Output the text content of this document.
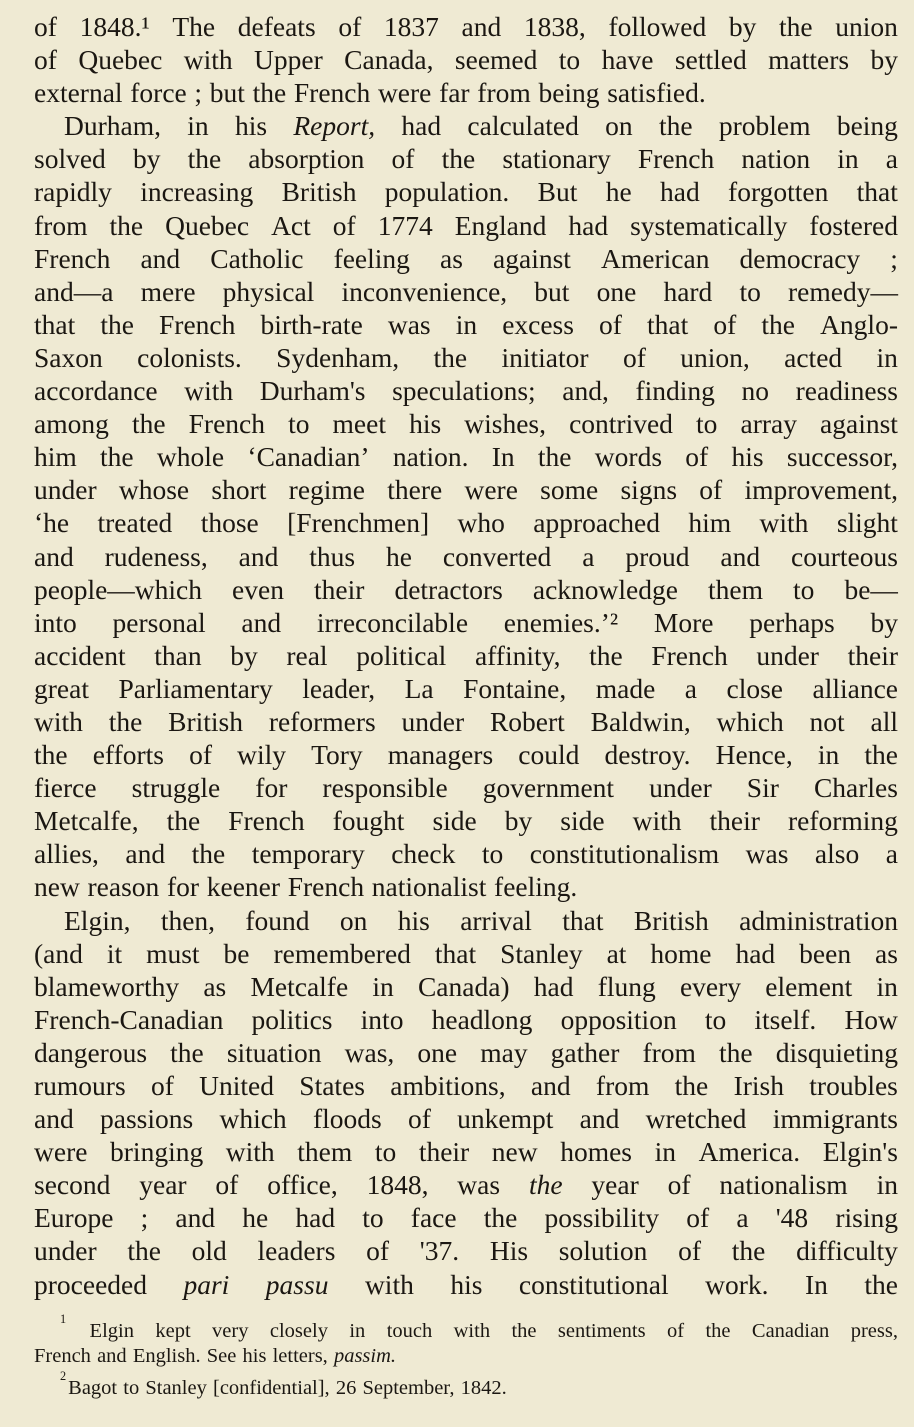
of 1848.¹ The defeats of 1837 and 1838, followed by the union
of Quebec with Upper Canada, seemed to have settled matters by
external force ; but the French were far from being satisfied.
Durham, in his Report, had calculated on the problem being
solved by the absorption of the stationary French nation in a
rapidly increasing British population. But he had forgotten that
from the Quebec Act of 1774 England had systematically fostered
French and Catholic feeling as against American democracy ;
and—a mere physical inconvenience, but one hard to remedy—
that the French birth-rate was in excess of that of the Anglo-
Saxon colonists. Sydenham, the initiator of union, acted in
accordance with Durham's speculations; and, finding no readiness
among the French to meet his wishes, contrived to array against
him the whole ‘Canadian’ nation. In the words of his successor,
under whose short regime there were some signs of improvement,
‘he treated those [Frenchmen] who approached him with slight
and rudeness, and thus he converted a proud and courteous
people—which even their detractors acknowledge them to be—
into personal and irreconcilable enemies.’² More perhaps by
accident than by real political affinity, the French under their
great Parliamentary leader, La Fontaine, made a close alliance
with the British reformers under Robert Baldwin, which not all
the efforts of wily Tory managers could destroy. Hence, in the
fierce struggle for responsible government under Sir Charles
Metcalfe, the French fought side by side with their reforming
allies, and the temporary check to constitutionalism was also a
new reason for keener French nationalist feeling.
Elgin, then, found on his arrival that British administration
(and it must be remembered that Stanley at home had been as
blameworthy as Metcalfe in Canada) had flung every element in
French-Canadian politics into headlong opposition to itself. How
dangerous the situation was, one may gather from the disquieting
rumours of United States ambitions, and from the Irish troubles
and passions which floods of unkempt and wretched immigrants
were bringing with them to their new homes in America. Elgin's
second year of office, 1848, was the year of nationalism in
Europe ; and he had to face the possibility of a '48 rising
under the old leaders of '37. His solution of the difficulty
proceeded pari passu with his constitutional work. In the
1
Elgin kept very closely in touch with the sentiments of the Canadian press,
French and English. See his letters, passim.
2
Bagot to Stanley [confidential], 26 September, 1842.
